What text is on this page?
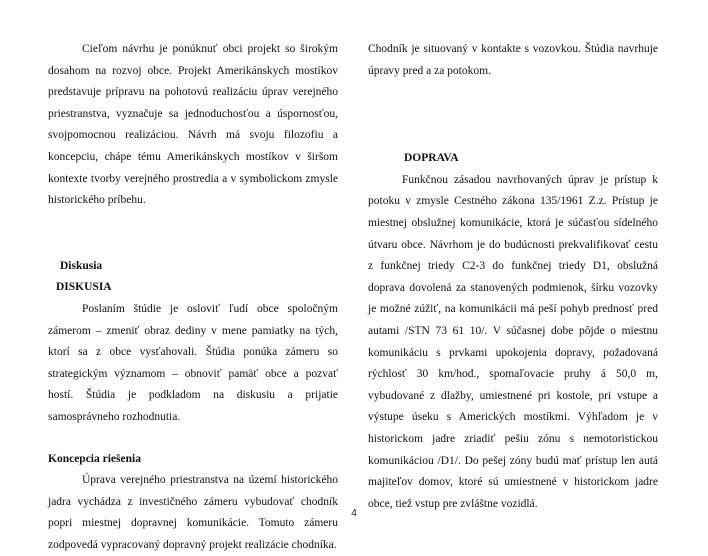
Cieľom návrhu je ponúknuť obci projekt so širokým dosahom na rozvoj obce. Projekt Amerikánskych mostíkov predstavuje prípravu na pohotovú realizáciu úprav verejného priestranstva, vyznačuje sa jednoduchosťou a úspornosťou, svojpomocnou realizáciou. Návrh má svoju filozofiu a koncepciu, chápe tému Amerikánskych mostíkov v širšom kontexte tvorby verejného prostredia a v symbolickom zmysle historického príbehu.

Diskusia

DISKUSIA

Poslaním štúdie je osloviť ľudí obce spoločným zámerom – zmeniť obraz dediny v mene pamiatky na tých, ktorí sa z obce vysťahovali. Štúdia ponúka zámeru so strategickým významom – obnoviť pamäť obce a pozvať hostí. Štúdia je podkladom na diskusiu a prijatie samosprávneho rozhodnutia.

Koncepcia riešenia

Úprava verejného priestranstva na území historického jadra vychádza z investičného zámeru vybudovať chodník popri miestnej dopravnej komunikácie. Tomuto zámeru zodpovedá vypracovaný dopravný projekt realizácie chodníka.

Chodník je situovaný v kontakte s vozovkou. Štúdia navrhuje úpravy pred a za potokom.

DOPRAVA

Funkčnou zásadou navrhovaných úprav je prístup k potoku v zmysle Cestného zákona 135/1961 Z.z. Prístup je miestnej obslužnej komunikácie, ktorá je súčasťou sídelného útvaru obce. Návrhom je do budúcnosti prekvalifikovať cestu z funkčnej triedy C2-3 do funkčnej triedy D1, obslužná doprava dovolená za stanovených podmienok, šírku vozovky je možné zúžiť, na komunikácii má peší pohyb prednosť pred autami /STN 73 61 10/. V súčasnej dobe pôjde o miestnu komunikáciu s prvkami upokojenia dopravy, požadovaná rýchlosť 30 km/hod., spomaľovacie pruhy á 50,0 m, vybudované z dlažby, umiestnené pri kostole, pri vstupe a výstupe úseku s Amerických mostíkmi. Výhľadom je v historickom jadre zriadiť pešiu zónu s nemotoristickou komunikáciou /D1/. Do pešej zóny budú mať prístup len autá majiteľov domov, ktoré sú umiestnené v historickom jadre obce, tiež vstup pre zvláštne vozidlá.

4
